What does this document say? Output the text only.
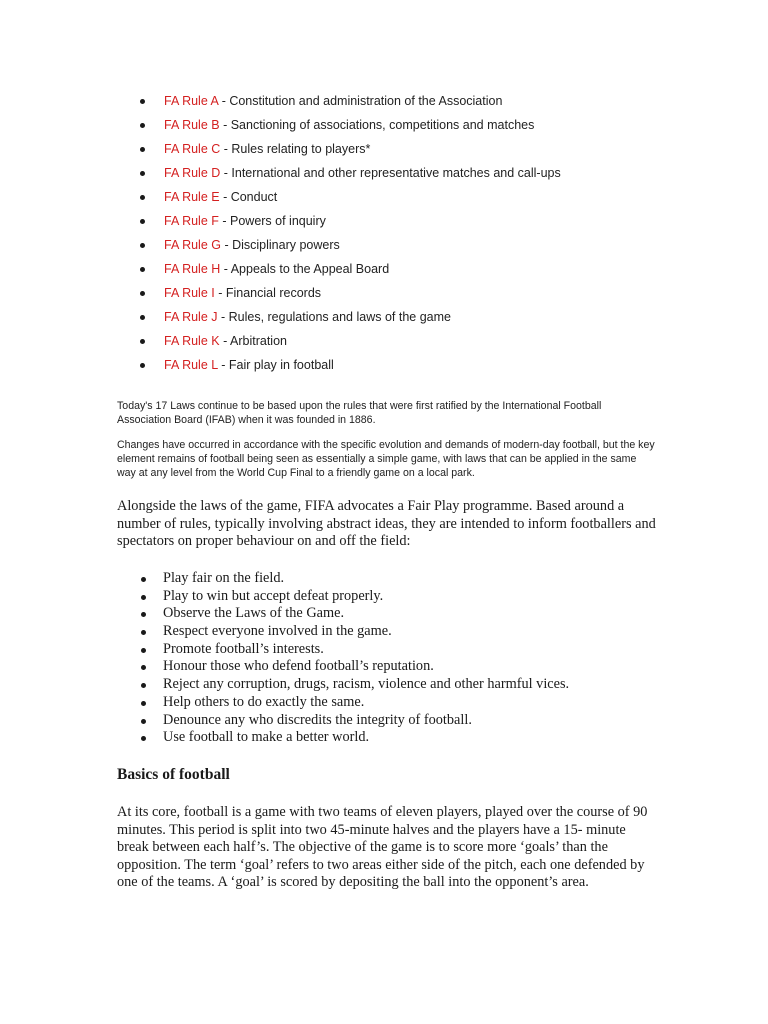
FA Rule A - Constitution and administration of the Association
FA Rule B - Sanctioning of associations, competitions and matches
FA Rule C - Rules relating to players*
FA Rule D - International and other representative matches and call-ups
FA Rule E - Conduct
FA Rule F - Powers of inquiry
FA Rule G - Disciplinary powers
FA Rule H - Appeals to the Appeal Board
FA Rule I - Financial records
FA Rule J - Rules, regulations and laws of the game
FA Rule K - Arbitration
FA Rule L - Fair play in football

Today's 17 Laws continue to be based upon the rules that were first ratified by the International Football Association Board (IFAB) when it was founded in 1886.

Changes have occurred in accordance with the specific evolution and demands of modern-day football, but the key element remains of football being seen as essentially a simple game, with laws that can be applied in the same way at any level from the World Cup Final to a friendly game on a local park.

Alongside the laws of the game, FIFA advocates a Fair Play programme. Based around a number of rules, typically involving abstract ideas, they are intended to inform footballers and spectators on proper behaviour on and off the field:

Play fair on the field.
Play to win but accept defeat properly.
Observe the Laws of the Game.
Respect everyone involved in the game.
Promote football’s interests.
Honour those who defend football’s reputation.
Reject any corruption, drugs, racism, violence and other harmful vices.
Help others to do exactly the same.
Denounce any who discredits the integrity of football.
Use football to make a better world.
Basics of football

At its core, football is a game with two teams of eleven players, played over the course of 90 minutes. This period is split into two 45-minute halves and the players have a 15- minute break between each half’s. The objective of the game is to score more ‘goals’ than the opposition. The term ‘goal’ refers to two areas either side of the pitch, each one defended by one of the teams. A ‘goal’ is scored by depositing the ball into the opponent’s area.
